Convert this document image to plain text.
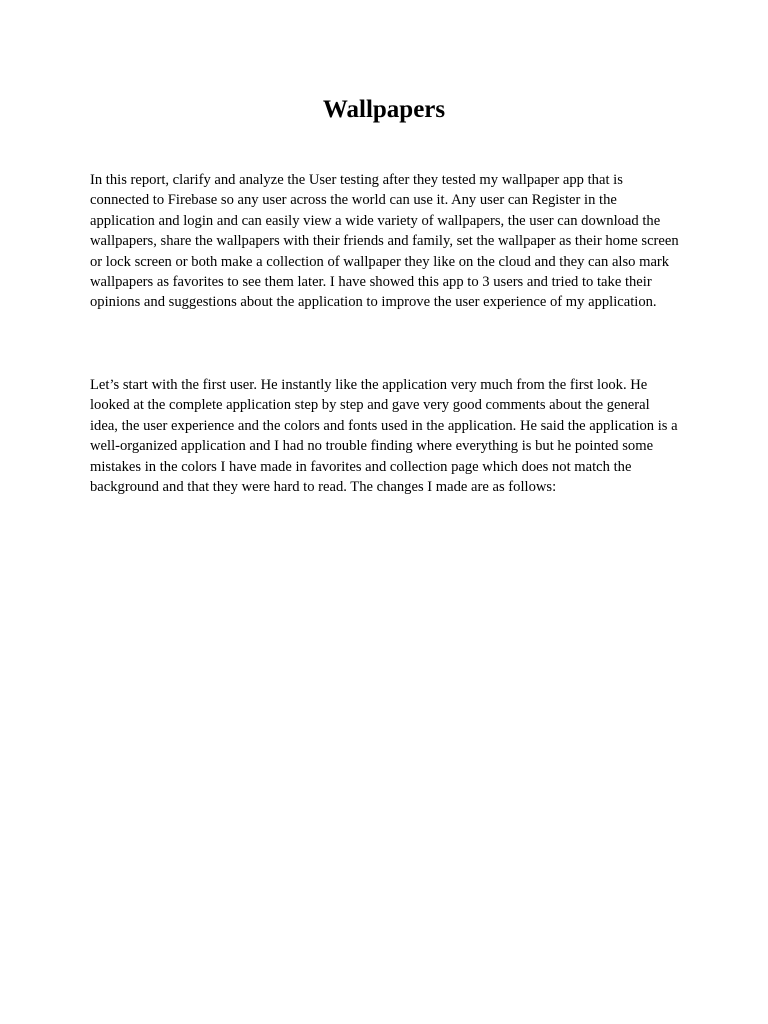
Wallpapers

In this report, clarify and analyze the User testing after they tested my wallpaper app that is connected to Firebase so any user across the world can use it. Any user can Register in the application and login and can easily view a wide variety of wallpapers, the user can download the wallpapers, share the wallpapers with their friends and family, set the wallpaper as their home screen or lock screen or both make a collection of wallpaper they like on the cloud and they can also mark wallpapers as favorites to see them later. I have showed this app to 3 users and tried to take their opinions and suggestions about the application to improve the user experience of my application.

Let’s start with the first user. He instantly like the application very much from the first look. He looked at the complete application step by step and gave very good comments about the general idea, the user experience and the colors and fonts used in the application. He said the application is a well-organized application and I had no trouble finding where everything is but he pointed some mistakes in the colors I have made in favorites and collection page which does not match the background and that they were hard to read. The changes I made are as follows:
